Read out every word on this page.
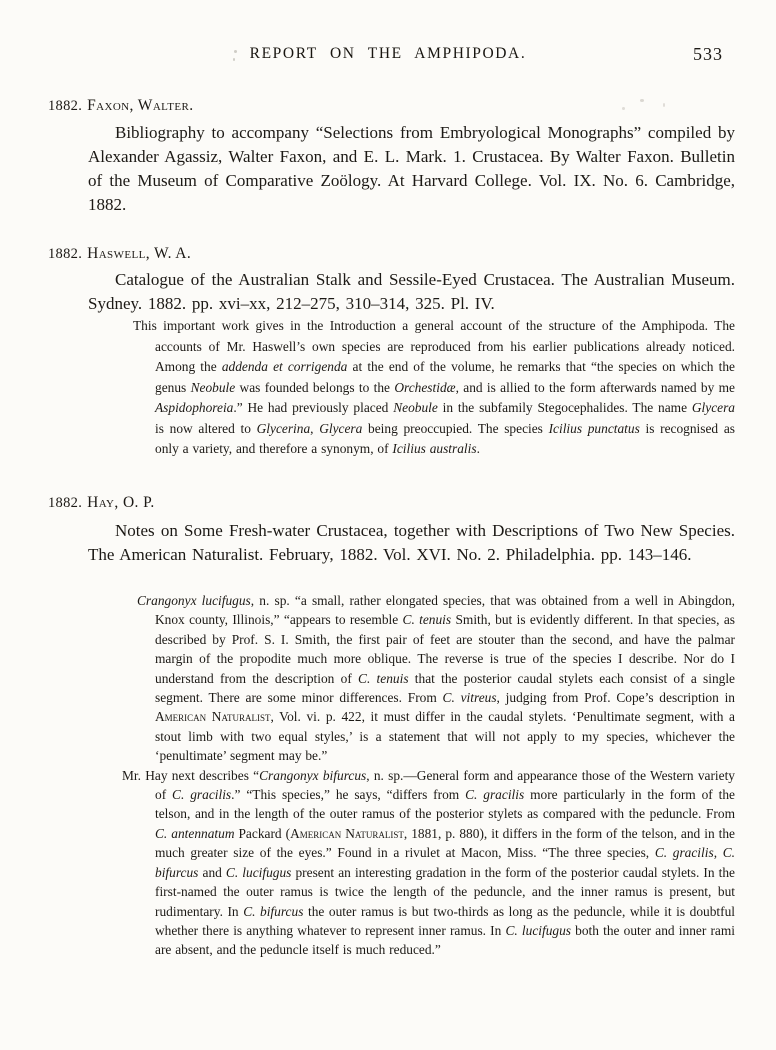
REPORT ON THE AMPHIPODA.	533
1882. Faxon, Walter.

Bibliography to accompany “Selections from Embryological Monographs” compiled by Alexander Agassiz, Walter Faxon, and E. L. Mark. 1. Crustacea. By Walter Faxon. Bulletin of the Museum of Comparative Zoölogy. At Harvard College. Vol. IX. No. 6. Cambridge, 1882.

1882. Haswell, W. A.

Catalogue of the Australian Stalk and Sessile-Eyed Crustacea. The Australian Museum. Sydney. 1882. pp. xvi–xx, 212–275, 310–314, 325. Pl. IV.

This important work gives in the Introduction a general account of the structure of the Amphipoda. The accounts of Mr. Haswell’s own species are reproduced from his earlier publications already noticed. Among the addenda et corrigenda at the end of the volume, he remarks that “the species on which the genus Neobule was founded belongs to the Orchestidæ, and is allied to the form afterwards named by me Aspidophoreia.” He had previously placed Neobule in the subfamily Stegocephalides. The name Glycera is now altered to Glycerina, Glycera being preoccupied. The species Icilius punctatus is recognised as only a variety, and therefore a synonym, of Icilius australis.

1882. Hay, O. P.

Notes on Some Fresh-water Crustacea, together with Descriptions of Two New Species. The American Naturalist. February, 1882. Vol. XVI. No. 2. Philadelphia. pp. 143–146.

Crangonyx lucifugus, n. sp. “a small, rather elongated species, that was obtained from a well in Abingdon, Knox county, Illinois,” “appears to resemble C. tenuis Smith, but is evidently different. In that species, as described by Prof. S. I. Smith, the first pair of feet are stouter than the second, and have the palmar margin of the propodite much more oblique. The reverse is true of the species I describe. Nor do I understand from the description of C. tenuis that the posterior caudal stylets each consist of a single segment. There are some minor differences. From C. vitreus, judging from Prof. Cope’s description in American Naturalist, Vol. vi. p. 422, it must differ in the caudal stylets. ‘Penultimate segment, with a stout limb with two equal styles,’ is a statement that will not apply to my species, whichever the ‘penultimate’ segment may be.”

Mr. Hay next describes “Crangonyx bifurcus, n. sp.—General form and appearance those of the Western variety of C. gracilis.” “This species,” he says, “differs from C. gracilis more particularly in the form of the telson, and in the length of the outer ramus of the posterior stylets as compared with the peduncle. From C. antennatum Packard (American Naturalist, 1881, p. 880), it differs in the form of the telson, and in the much greater size of the eyes.” Found in a rivulet at Macon, Miss. “The three species, C. gracilis, C. bifurcus and C. lucifugus present an interesting gradation in the form of the posterior caudal stylets. In the first-named the outer ramus is twice the length of the peduncle, and the inner ramus is present, but rudimentary. In C. bifurcus the outer ramus is but two-thirds as long as the peduncle, while it is doubtful whether there is anything whatever to represent inner ramus. In C. lucifugus both the outer and inner rami are absent, and the peduncle itself is much reduced.”
